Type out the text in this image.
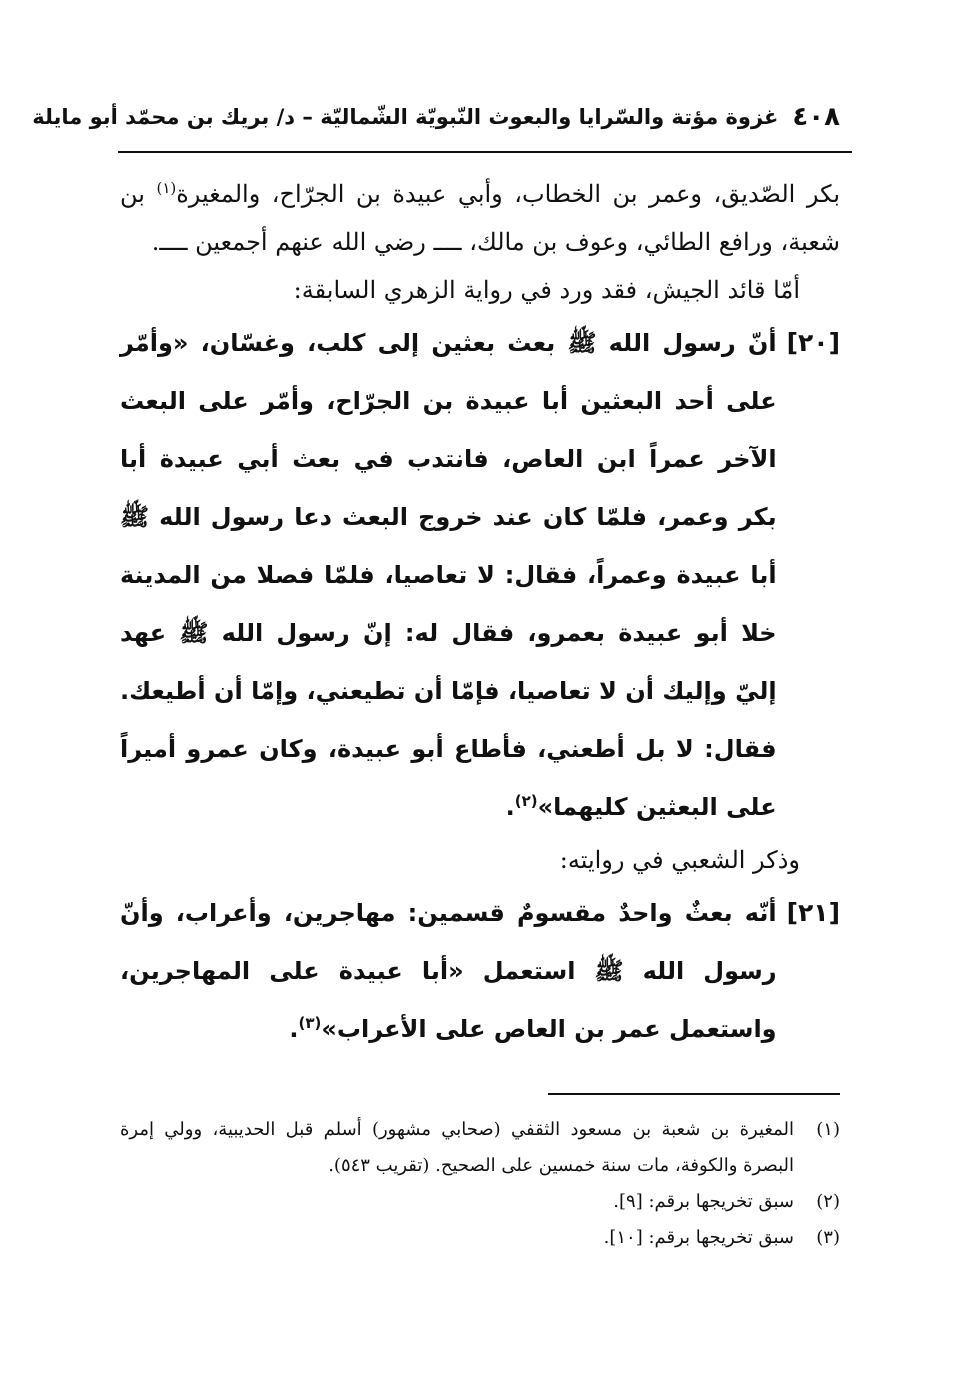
٤٠٨
غزوة مؤتة والسّرايا والبعوث النّبويّة الشّماليّة – د/ بريك بن محمّد أبو مايلة

بكر الصّديق، وعمر بن الخطاب، وأبي عبيدة بن الجرّاح، والمغيرة$^{(١)}$ بن شعبة، ورافع الطائي، وعوف بن مالك، ــــ رضي الله عنهم أجمعين ــــ.

أمّا قائد الجيش، فقد ورد في رواية الزهري السابقة:

[٢٠]

أنّ رسول الله ﷺ بعث بعثين إلى كلب، وغسّان، «وأمّر على أحد البعثين أبا عبيدة بن الجرّاح، وأمّر على البعث الآخر عمراً ابن العاص، فانتدب في بعث أبي عبيدة أبا بكر وعمر، فلمّا كان عند خروج البعث دعا رسول الله ﷺ أبا عبيدة وعمراً، فقال: لا تعاصيا، فلمّا فصلا من المدينة خلا أبو عبيدة بعمرو، فقال له: إنّ رسول الله ﷺ عهد إليّ وإليك أن لا تعاصيا، فإمّا أن تطيعني، وإمّا أن أطيعك. فقال: لا بل أطعني، فأطاع أبو عبيدة، وكان عمرو أميراً على البعثين كليهما»$^{(٢)}$.

وذكر الشعبي في روايته:

[٢١]

أنّه بعثٌ واحدٌ مقسومٌ قسمين: مهاجرين، وأعراب، وأنّ رسول الله ﷺ استعمل «أبا عبيدة على المهاجرين، واستعمل عمر بن العاص على الأعراب»$^{(٣)}$.

(١)
المغيرة بن شعبة بن مسعود الثقفي (صحابي مشهور) أسلم قبل الحديبية، وولي إمرة البصرة والكوفة، مات سنة خمسين على الصحيح. (تقريب ٥٤٣).
(٢)
سبق تخريجها برقم: [٩].
(٣)
سبق تخريجها برقم: [١٠].
